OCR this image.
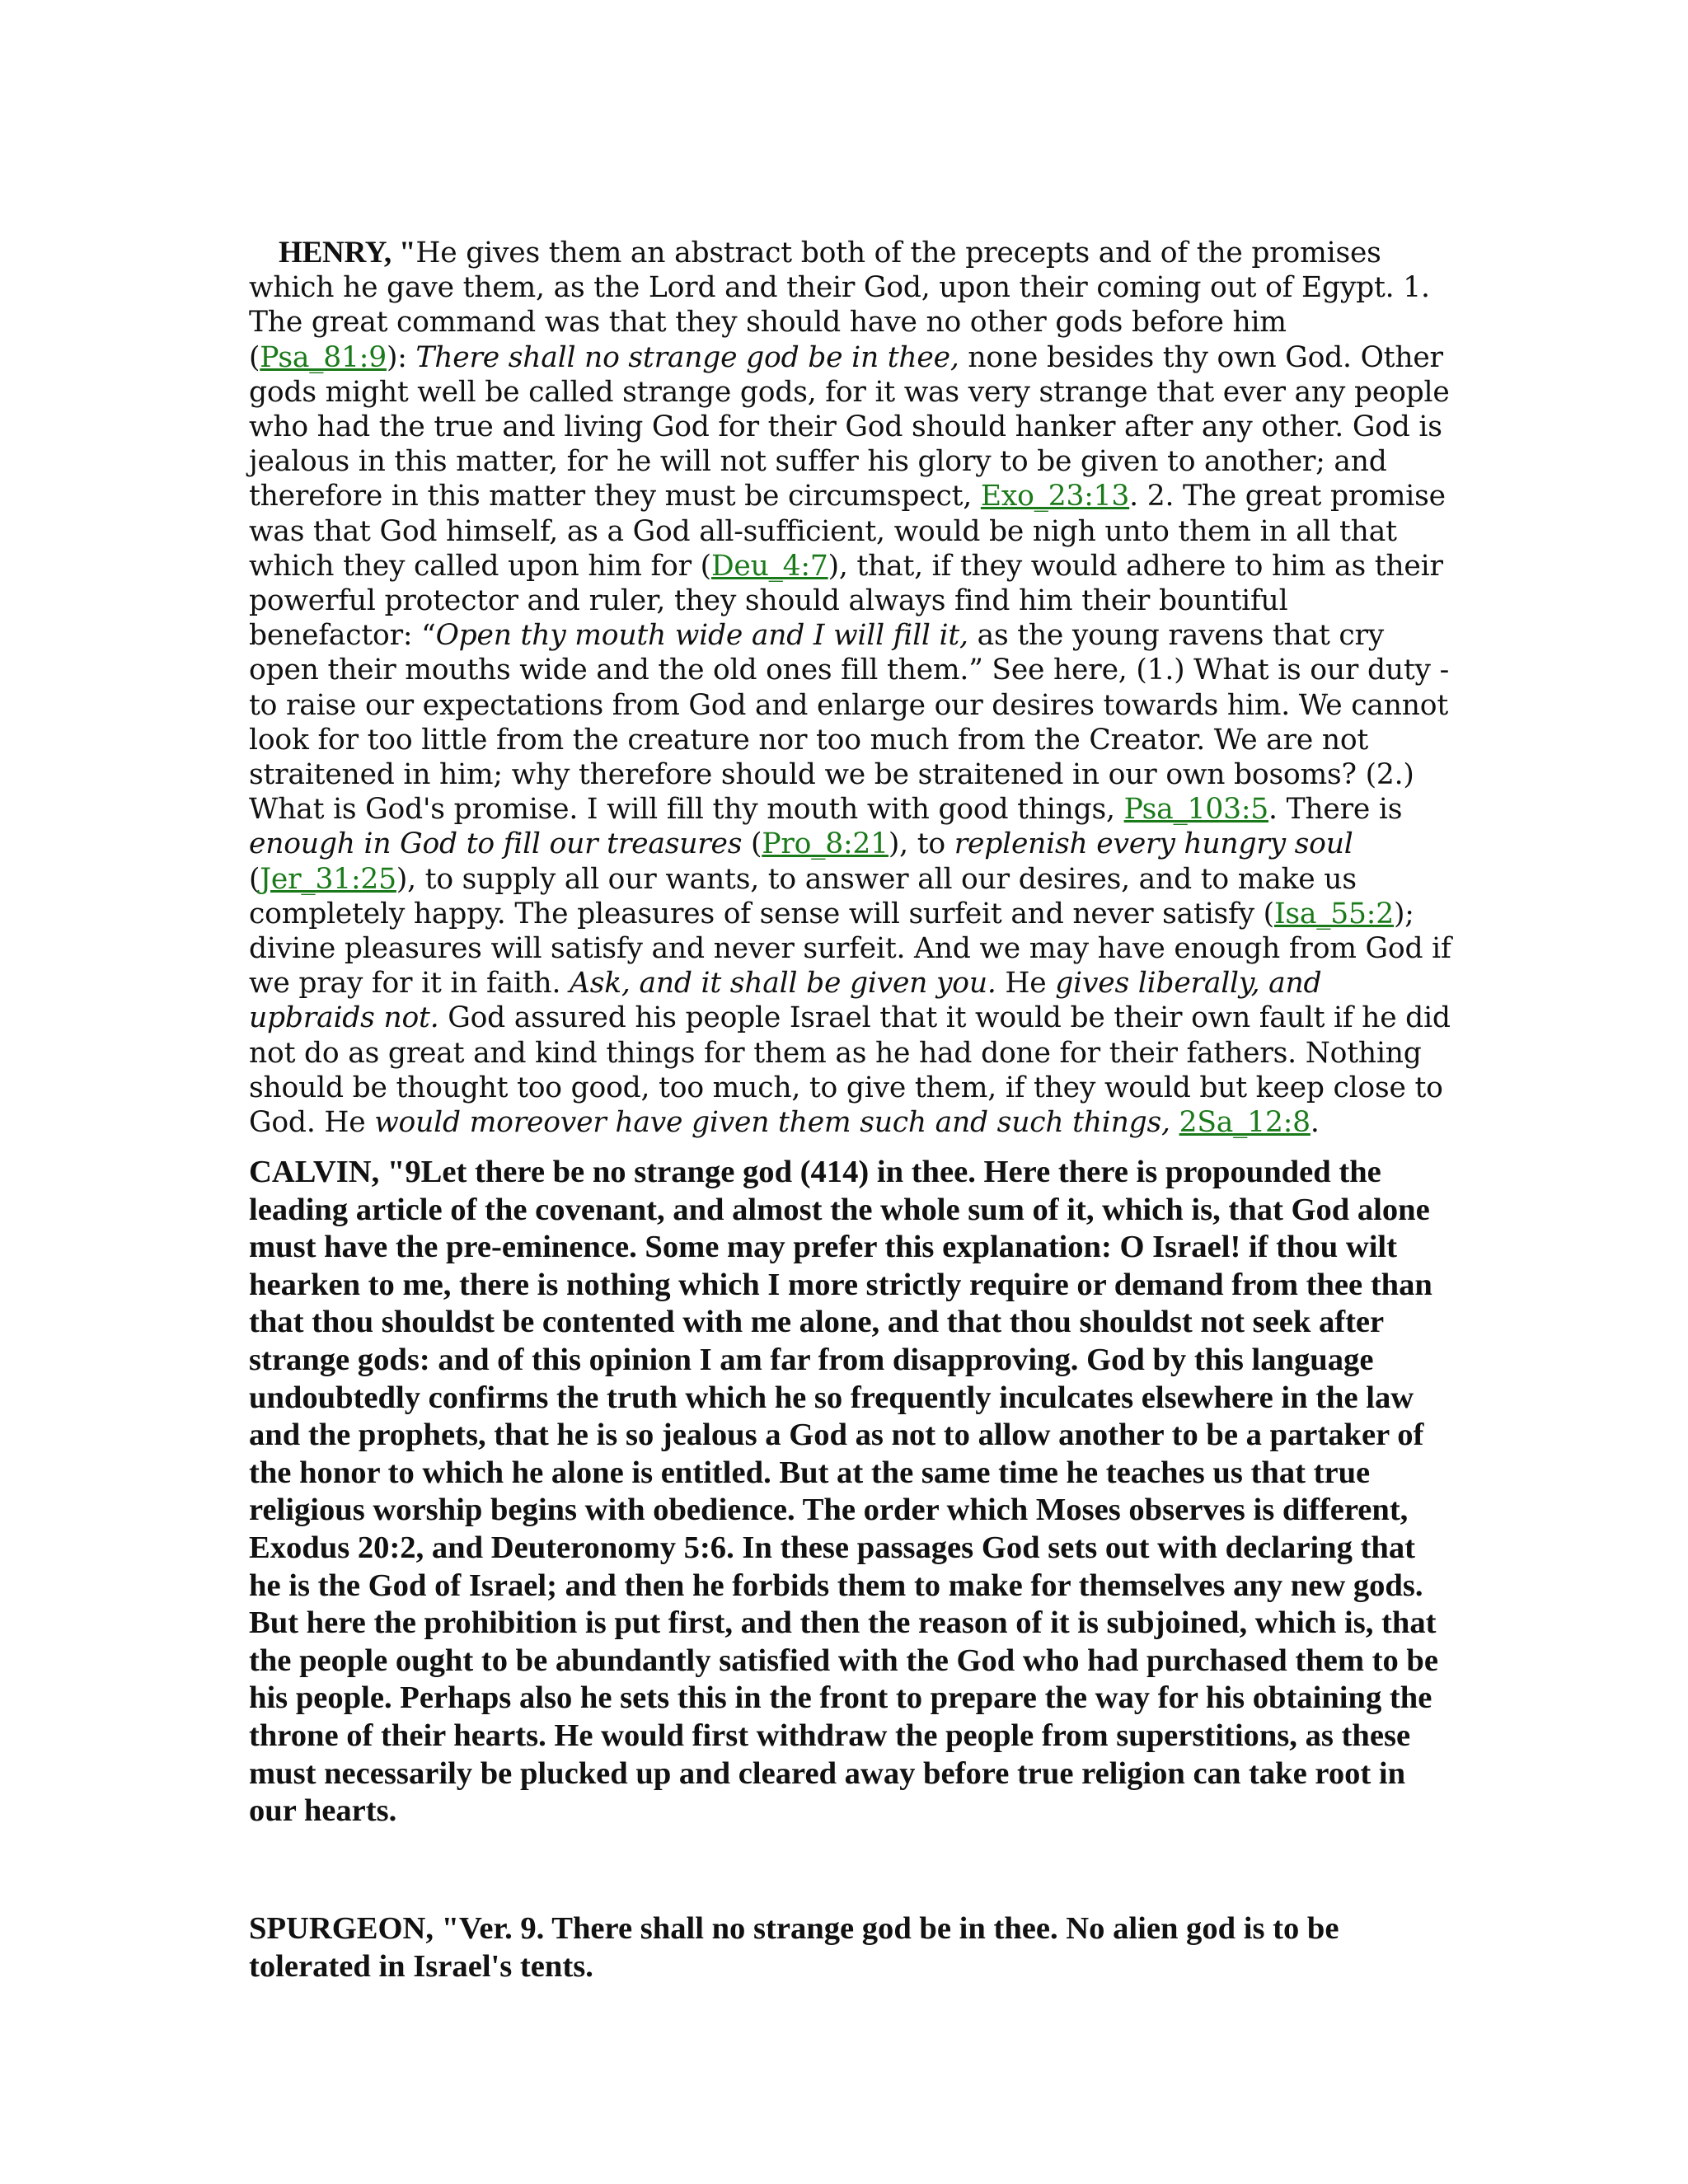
HENRY, "He gives them an abstract both of the precepts and of the promises which he gave them, as the Lord and their God, upon their coming out of Egypt. 1. The great command was that they should have no other gods before him (Psa_81:9): There shall no strange god be in thee, none besides thy own God. Other gods might well be called strange gods, for it was very strange that ever any people who had the true and living God for their God should hanker after any other. God is jealous in this matter, for he will not suffer his glory to be given to another; and therefore in this matter they must be circumspect, Exo_23:13. 2. The great promise was that God himself, as a God all-sufficient, would be nigh unto them in all that which they called upon him for (Deu_4:7), that, if they would adhere to him as their powerful protector and ruler, they should always find him their bountiful benefactor: “Open thy mouth wide and I will fill it, as the young ravens that cry open their mouths wide and the old ones fill them.” See here, (1.) What is our duty - to raise our expectations from God and enlarge our desires towards him. We cannot look for too little from the creature nor too much from the Creator. We are not straitened in him; why therefore should we be straitened in our own bosoms? (2.) What is God's promise. I will fill thy mouth with good things, Psa_103:5. There is enough in God to fill our treasures (Pro_8:21), to replenish every hungry soul (Jer_31:25), to supply all our wants, to answer all our desires, and to make us completely happy. The pleasures of sense will surfeit and never satisfy (Isa_55:2); divine pleasures will satisfy and never surfeit. And we may have enough from God if we pray for it in faith. Ask, and it shall be given you. He gives liberally, and upbraids not. God assured his people Israel that it would be their own fault if he did not do as great and kind things for them as he had done for their fathers. Nothing should be thought too good, too much, to give them, if they would but keep close to God. He would moreover have given them such and such things, 2Sa_12:8.
CALVIN, "9Let there be no strange god (414) in thee. Here there is propounded the leading article of the covenant, and almost the whole sum of it, which is, that God alone must have the pre-eminence. Some may prefer this explanation: O Israel! if thou wilt hearken to me, there is nothing which I more strictly require or demand from thee than that thou shouldst be contented with me alone, and that thou shouldst not seek after strange gods: and of this opinion I am far from disapproving. God by this language undoubtedly confirms the truth which he so frequently inculcates elsewhere in the law and the prophets, that he is so jealous a God as not to allow another to be a partaker of the honor to which he alone is entitled. But at the same time he teaches us that true religious worship begins with obedience. The order which Moses observes is different, Exodus 20:2, and Deuteronomy 5:6. In these passages God sets out with declaring that he is the God of Israel; and then he forbids them to make for themselves any new gods. But here the prohibition is put first, and then the reason of it is subjoined, which is, that the people ought to be abundantly satisfied with the God who had purchased them to be his people. Perhaps also he sets this in the front to prepare the way for his obtaining the throne of their hearts. He would first withdraw the people from superstitions, as these must necessarily be plucked up and cleared away before true religion can take root in our hearts.
SPURGEON, "Ver. 9. There shall no strange god be in thee. No alien god is to be tolerated in Israel's tents.
